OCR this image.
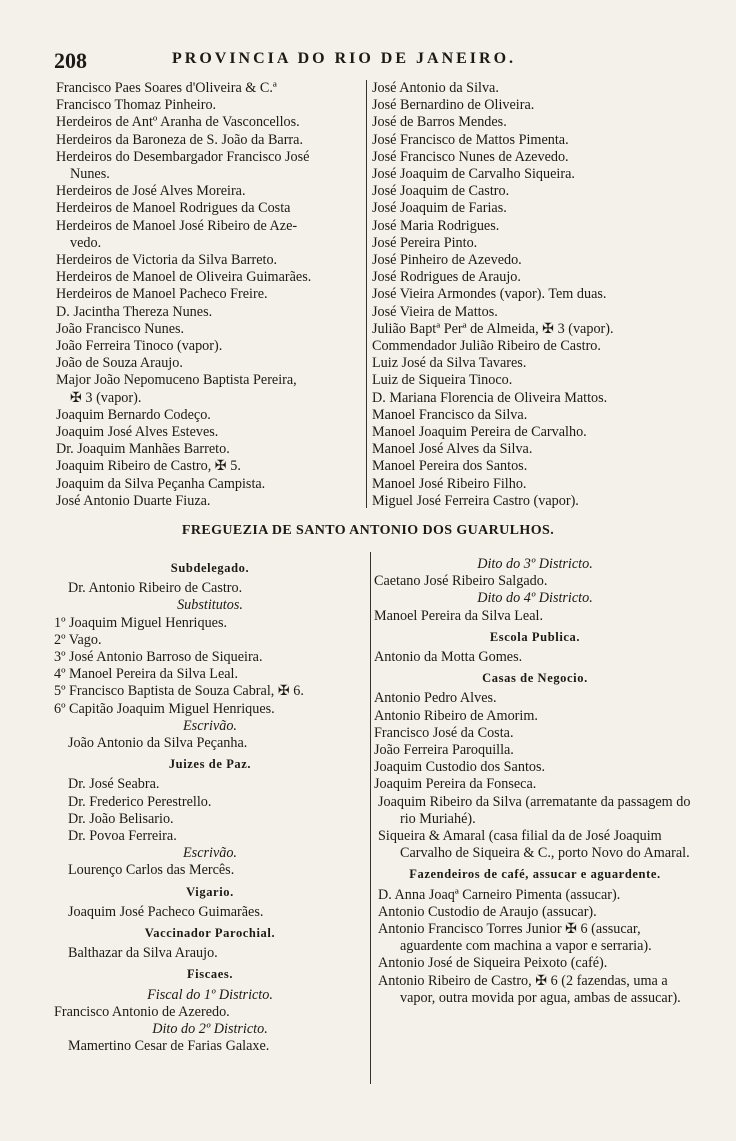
208	PROVINCIA DO RIO DE JANEIRO.
Francisco Paes Soares d'Oliveira & C.ª
Francisco Thomaz Pinheiro.
Herdeiros de Antº Aranha de Vasconcellos.
Herdeiros da Baroneza de S. João da Barra.
Herdeiros do Desembargador Francisco José
Nunes.
Herdeiros de José Alves Moreira.
Herdeiros de Manoel Rodrigues da Costa
Herdeiros de Manoel José Ribeiro de Aze-
vedo.
Herdeiros de Victoria da Silva Barreto.
Herdeiros de Manoel de Oliveira Guimarães.
Herdeiros de Manoel Pacheco Freire.
D. Jacintha Thereza Nunes.
João Francisco Nunes.
João Ferreira Tinoco (vapor).
João de Souza Araujo.
Major João Nepomuceno Baptista Pereira,
✠ 3 (vapor).
Joaquim Bernardo Codeço.
Joaquim José Alves Esteves.
Dr. Joaquim Manhães Barreto.
Joaquim Ribeiro de Castro, ✠ 5.
Joaquim da Silva Peçanha Campista.
José Antonio Duarte Fiuza.
José Antonio da Silva.
José Bernardino de Oliveira.
José de Barros Mendes.
José Francisco de Mattos Pimenta.
José Francisco Nunes de Azevedo.
José Joaquim de Carvalho Siqueira.
José Joaquim de Castro.
José Joaquim de Farias.
José Maria Rodrigues.
José Pereira Pinto.
José Pinheiro de Azevedo.
José Rodrigues de Araujo.
José Vieira Armondes (vapor). Tem duas.
José Vieira de Mattos.
Julião Baptª Perª de Almeida, ✠ 3 (vapor).
Commendador Julião Ribeiro de Castro.
Luiz José da Silva Tavares.
Luiz de Siqueira Tinoco.
D. Mariana Florencia de Oliveira Mattos.
Manoel Francisco da Silva.
Manoel Joaquim Pereira de Carvalho.
Manoel José Alves da Silva.
Manoel Pereira dos Santos.
Manoel José Ribeiro Filho.
Miguel José Ferreira Castro (vapor).
FREGUEZIA DE SANTO ANTONIO DOS GUARULHOS.
Subdelegado.
Dr. Antonio Ribeiro de Castro.
Substitutos.
1º Joaquim Miguel Henriques.
2º Vago.
3º José Antonio Barroso de Siqueira.
4º Manoel Pereira da Silva Leal.
5º Francisco Baptista de Souza Cabral, ✠ 6.
6º Capitão Joaquim Miguel Henriques.
Escrivão.
João Antonio da Silva Peçanha.
Juizes de Paz.
Dr. José Seabra.
Dr. Frederico Perestrello.
Dr. João Belisario.
Dr. Povoa Ferreira.
Escrivão.
Lourenço Carlos das Mercês.
Vigario.
Joaquim José Pacheco Guimarães.
Vaccinador Parochial.
Balthazar da Silva Araujo.
Fiscaes.
Fiscal do 1º Districto.
Francisco Antonio de Azeredo.
Dito do 2º Districto.
Mamertino Cesar de Farias Galaxe.
Dito do 3º Districto.
Caetano José Ribeiro Salgado.
Dito do 4º Districto.
Manoel Pereira da Silva Leal.
Escola Publica.
Antonio da Motta Gomes.
Casas de Negocio.
Antonio Pedro Alves.
Antonio Ribeiro de Amorim.
Francisco José da Costa.
João Ferreira Paroquilla.
Joaquim Custodio dos Santos.
Joaquim Pereira da Fonseca.
Joaquim Ribeiro da Silva (arrematante da passagem do rio Muriahé).
Siqueira & Amaral (casa filial da de José Joaquim Carvalho de Siqueira & C., porto Novo do Amaral.
Fazendeiros de café, assucar e aguardente.
D. Anna Joaqª Carneiro Pimenta (assucar).
Antonio Custodio de Araujo (assucar).
Antonio Francisco Torres Junior ✠ 6 (assucar, aguardente com machina a vapor e serraria).
Antonio José de Siqueira Peixoto (café).
Antonio Ribeiro de Castro, ✠ 6 (2 fazendas, uma a vapor, outra movida por agua, ambas de assucar).
